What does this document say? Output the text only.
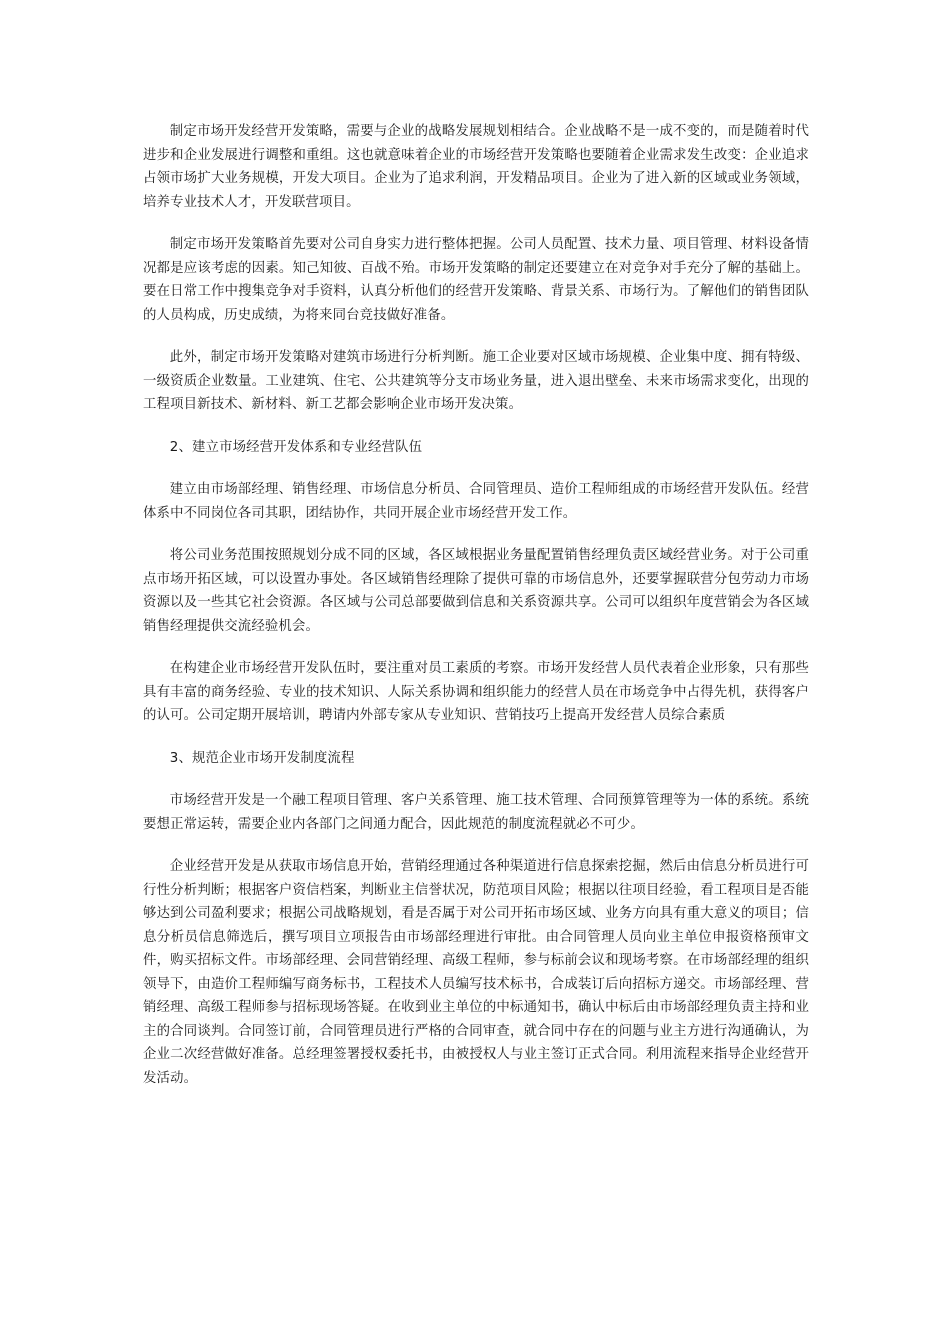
制定市场开发经营开发策略，需要与企业的战略发展规划相结合。企业战略不是一成不变的，而是随着时代进步和企业发展进行调整和重组。这也就意味着企业的市场经营开发策略也要随着企业需求发生改变：企业追求占领市场扩大业务规模，开发大项目。企业为了追求利润，开发精品项目。企业为了进入新的区域或业务领域，培养专业技术人才，开发联营项目。

制定市场开发策略首先要对公司自身实力进行整体把握。公司人员配置、技术力量、项目管理、材料设备情况都是应该考虑的因素。知己知彼、百战不殆。市场开发策略的制定还要建立在对竞争对手充分了解的基础上。要在日常工作中搜集竞争对手资料，认真分析他们的经营开发策略、背景关系、市场行为。了解他们的销售团队的人员构成，历史成绩，为将来同台竞技做好准备。

此外，制定市场开发策略对建筑市场进行分析判断。施工企业要对区域市场规模、企业集中度、拥有特级、一级资质企业数量。工业建筑、住宅、公共建筑等分支市场业务量，进入退出壁垒、未来市场需求变化，出现的工程项目新技术、新材料、新工艺都会影响企业市场开发决策。

2、建立市场经营开发体系和专业经营队伍

建立由市场部经理、销售经理、市场信息分析员、合同管理员、造价工程师组成的市场经营开发队伍。经营体系中不同岗位各司其职，团结协作，共同开展企业市场经营开发工作。

将公司业务范围按照规划分成不同的区域，各区域根据业务量配置销售经理负责区域经营业务。对于公司重点市场开拓区域，可以设置办事处。各区域销售经理除了提供可靠的市场信息外，还要掌握联营分包劳动力市场资源以及一些其它社会资源。各区域与公司总部要做到信息和关系资源共享。公司可以组织年度营销会为各区域销售经理提供交流经验机会。

在构建企业市场经营开发队伍时，要注重对员工素质的考察。市场开发经营人员代表着企业形象，只有那些具有丰富的商务经验、专业的技术知识、人际关系协调和组织能力的经营人员在市场竞争中占得先机，获得客户的认可。公司定期开展培训，聘请内外部专家从专业知识、营销技巧上提高开发经营人员综合素质

3、规范企业市场开发制度流程

市场经营开发是一个融工程项目管理、客户关系管理、施工技术管理、合同预算管理等为一体的系统。系统要想正常运转，需要企业内各部门之间通力配合，因此规范的制度流程就必不可少。

企业经营开发是从获取市场信息开始，营销经理通过各种渠道进行信息探索挖掘，然后由信息分析员进行可行性分析判断；根据客户资信档案，判断业主信誉状况，防范项目风险；根据以往项目经验，看工程项目是否能够达到公司盈利要求；根据公司战略规划，看是否属于对公司开拓市场区域、业务方向具有重大意义的项目；信息分析员信息筛选后，撰写项目立项报告由市场部经理进行审批。由合同管理人员向业主单位申报资格预审文件，购买招标文件。市场部经理、会同营销经理、高级工程师，参与标前会议和现场考察。在市场部经理的组织领导下，由造价工程师编写商务标书，工程技术人员编写技术标书，合成装订后向招标方递交。市场部经理、营销经理、高级工程师参与招标现场答疑。在收到业主单位的中标通知书，确认中标后由市场部经理负责主持和业主的合同谈判。合同签订前，合同管理员进行严格的合同审查，就合同中存在的问题与业主方进行沟通确认，为企业二次经营做好准备。总经理签署授权委托书，由被授权人与业主签订正式合同。利用流程来指导企业经营开发活动。
